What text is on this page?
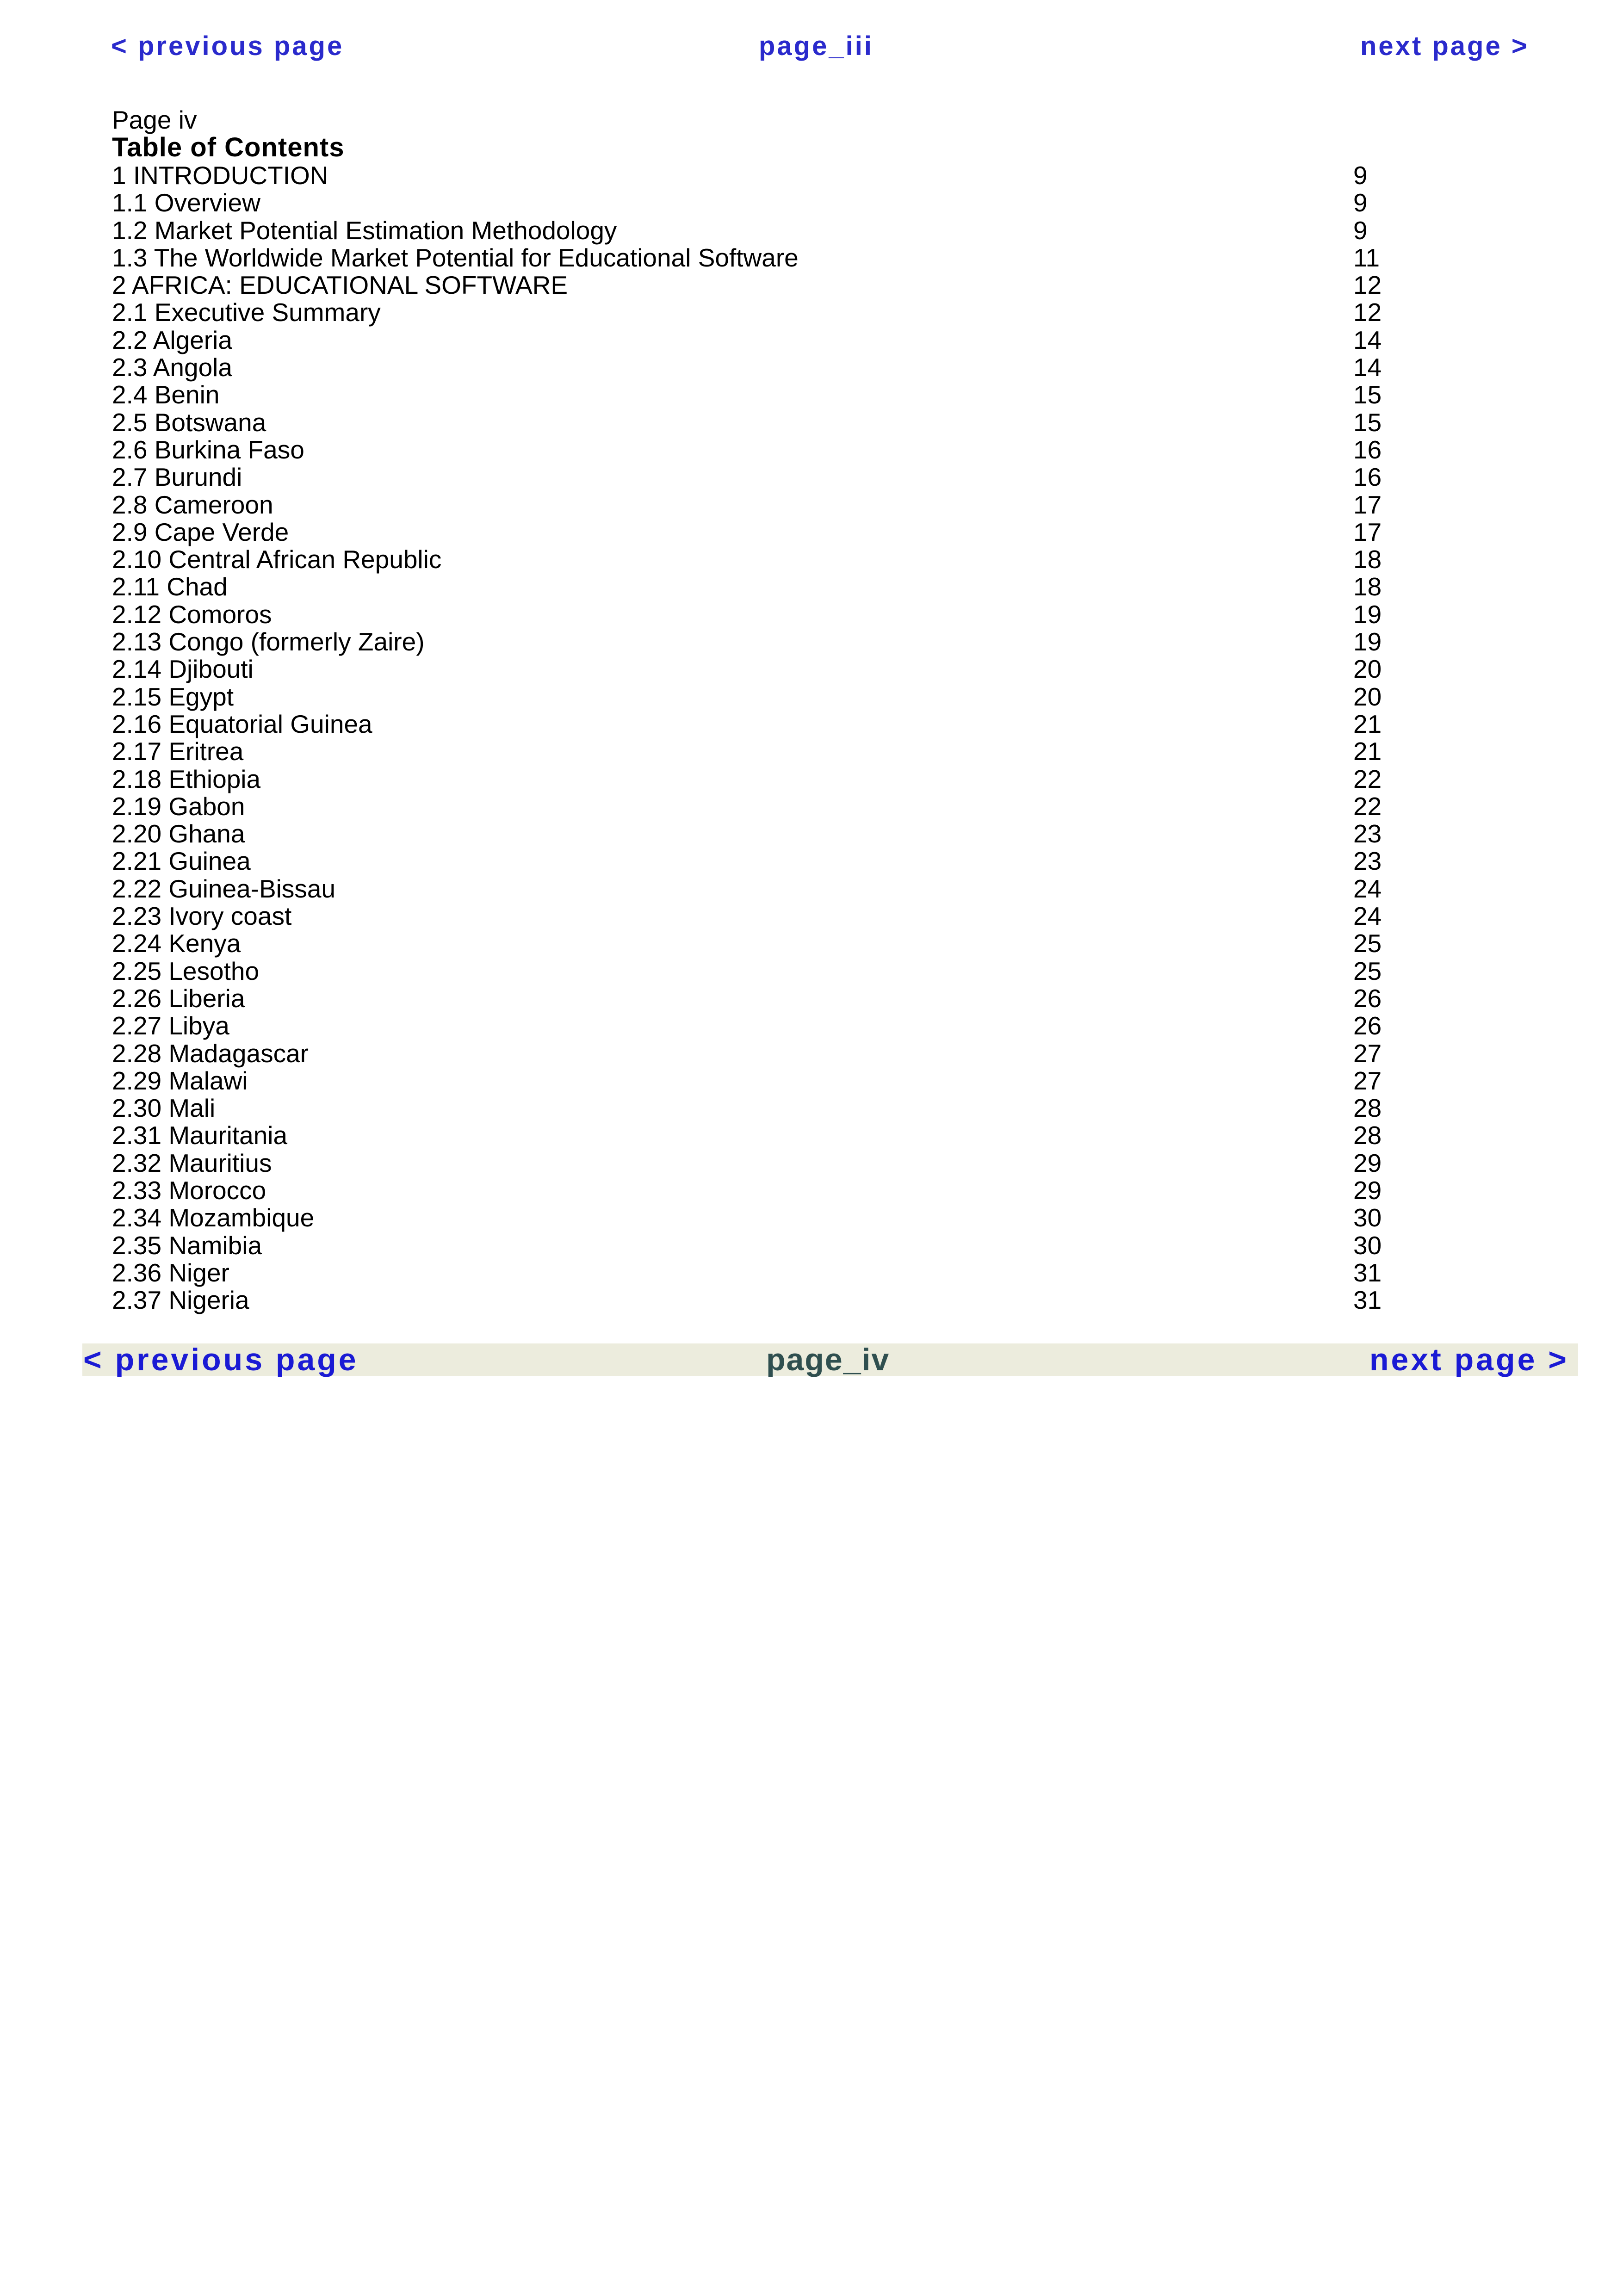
< previous page	page_iii	next page >
Page iv
Table of Contents
1 INTRODUCTION	9
1.1 Overview	9
1.2 Market Potential Estimation Methodology	9
1.3 The Worldwide Market Potential for Educational Software	11
2 AFRICA: EDUCATIONAL SOFTWARE	12
2.1 Executive Summary	12
2.2 Algeria	14
2.3 Angola	14
2.4 Benin	15
2.5 Botswana	15
2.6 Burkina Faso	16
2.7 Burundi	16
2.8 Cameroon	17
2.9 Cape Verde	17
2.10 Central African Republic	18
2.11 Chad	18
2.12 Comoros	19
2.13 Congo (formerly Zaire)	19
2.14 Djibouti	20
2.15 Egypt	20
2.16 Equatorial Guinea	21
2.17 Eritrea	21
2.18 Ethiopia	22
2.19 Gabon	22
2.20 Ghana	23
2.21 Guinea	23
2.22 Guinea-Bissau	24
2.23 Ivory coast	24
2.24 Kenya	25
2.25 Lesotho	25
2.26 Liberia	26
2.27 Libya	26
2.28 Madagascar	27
2.29 Malawi	27
2.30 Mali	28
2.31 Mauritania	28
2.32 Mauritius	29
2.33 Morocco	29
2.34 Mozambique	30
2.35 Namibia	30
2.36 Niger	31
2.37 Nigeria	31
< previous page	page_iv	next page >
